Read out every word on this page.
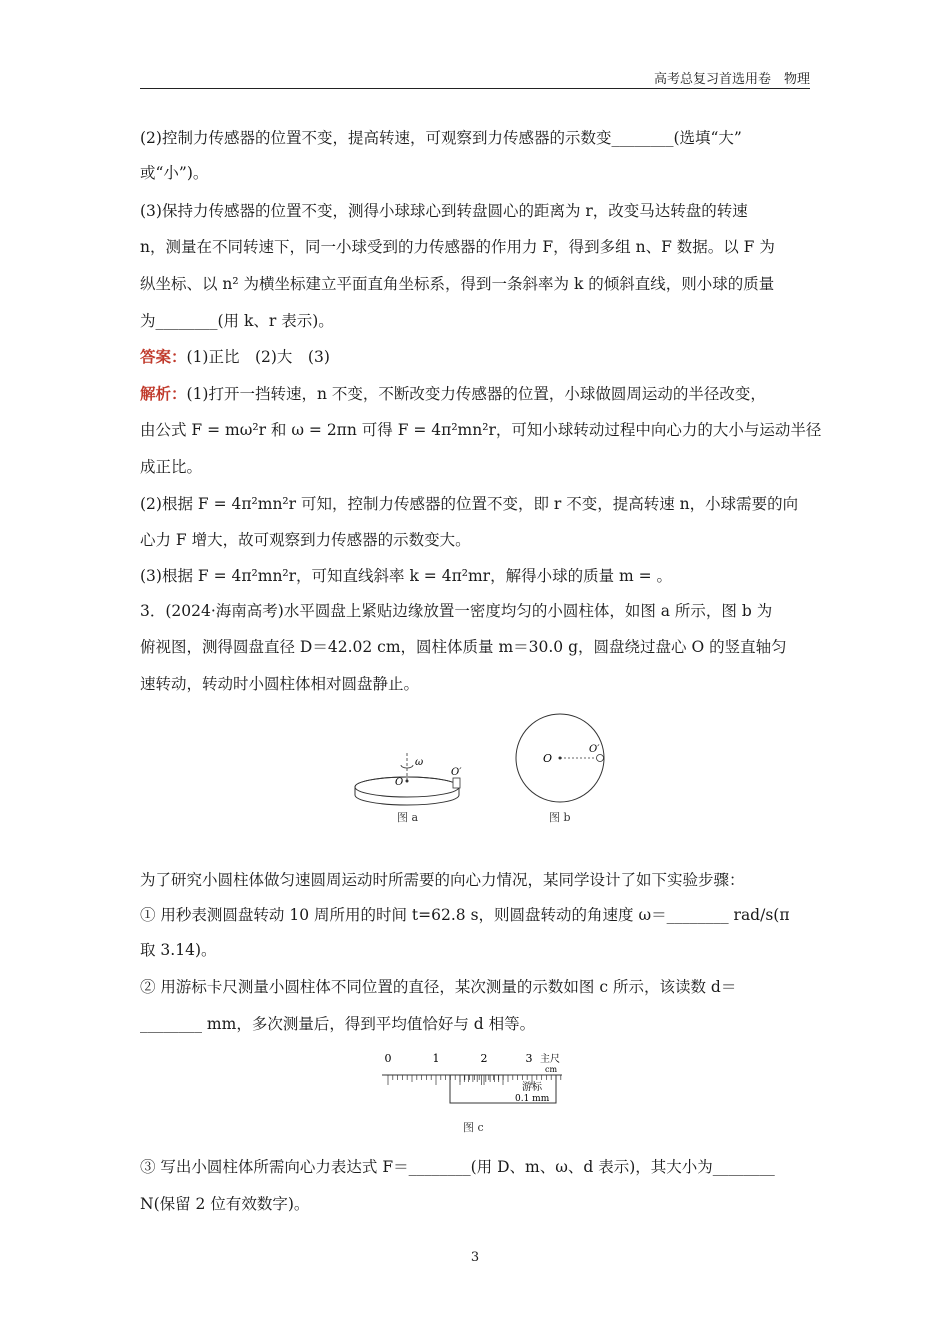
高考总复习首选用卷　物理
(2)控制力传感器的位置不变，提高转速，可观察到力传感器的示数变________(选填“大”
或“小”)。
(3)保持力传感器的位置不变，测得小球球心到转盘圆心的距离为 r，改变马达转盘的转速
n，测量在不同转速下，同一小球受到的力传感器的作用力 F，得到多组 n、F 数据。以 F 为
纵坐标、以 n² 为横坐标建立平面直角坐标系，得到一条斜率为 k 的倾斜直线，则小球的质量
为________(用 k、r 表示)。
答案：(1)正比　(2)大　(3)
解析：(1)打开一挡转速，n 不变，不断改变力传感器的位置，小球做圆周运动的半径改变，
由公式 F = mω²r 和 ω = 2πn 可得 F = 4π²mn²r，可知小球转动过程中向心力的大小与运动半径
成正比。
(2)根据 F = 4π²mn²r 可知，控制力传感器的位置不变，即 r 不变，提高转速 n，小球需要的向
心力 F 增大，故可观察到力传感器的示数变大。
(3)根据 F = 4π²mn²r，可知直线斜率 k = 4π²mr，解得小球的质量 m = 。
3．(2024·海南高考)水平圆盘上紧贴边缘放置一密度均匀的小圆柱体，如图 a 所示，图 b 为
俯视图，测得圆盘直径 D＝42.02 cm，圆柱体质量 m＝30.0 g，圆盘绕过盘心 O 的竖直轴匀
速转动，转动时小圆柱体相对圆盘静止。
ω
O
O′
图 a
O
O′
图 b
为了研究小圆柱体做匀速圆周运动时所需要的向心力情况，某同学设计了如下实验步骤：
① 用秒表测圆盘转动 10 周所用的时间 t=62.8 s，则圆盘转动的角速度 ω＝________ rad/s(π
取 3.14)。
② 用游标卡尺测量小圆柱体不同位置的直径，某次测量的示数如图 c 所示，该读数 d＝
________ mm，多次测量后，得到平均值恰好与 d 相等。
0	1	2	3 主尺
cm
游标
0.1 mm
图 c
③ 写出小圆柱体所需向心力表达式 F＝________(用 D、m、ω、d 表示)，其大小为________
N(保留 2 位有效数字)。
3
